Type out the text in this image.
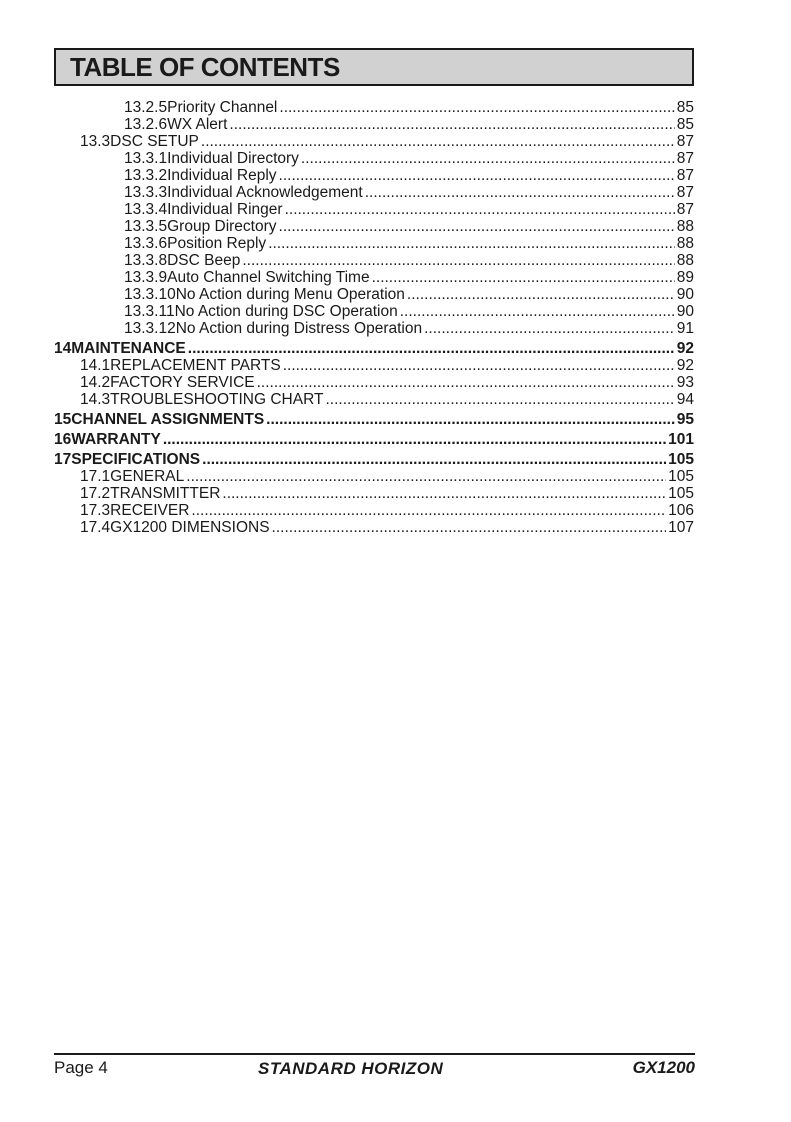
TABLE OF CONTENTS
13.2.5 Priority Channel .....	85
13.2.6 WX Alert .....	85
13.3 DSC SETUP .....	87
13.3.1 Individual Directory .....	87
13.3.2 Individual Reply .....	87
13.3.3 Individual Acknowledgement .....	87
13.3.4 Individual Ringer .....	87
13.3.5 Group Directory .....	88
13.3.6 Position Reply .....	88
13.3.8 DSC Beep .....	88
13.3.9 Auto Channel Switching Time .....	89
13.3.10 No Action during Menu Operation .....	90
13.3.11 No Action during DSC Operation .....	90
13.3.12 No Action during Distress Operation .....	91
14 MAINTENANCE .....	92
14.1 REPLACEMENT PARTS .....	92
14.2 FACTORY SERVICE .....	93
14.3 TROUBLESHOOTING CHART .....	94
15 CHANNEL ASSIGNMENTS .....	95
16 WARRANTY .....	101
17 SPECIFICATIONS .....	105
17.1 GENERAL .....	105
17.2 TRANSMITTER .....	105
17.3 RECEIVER .....	106
17.4 GX1200 DIMENSIONS .....	107
Page 4	STANDARD HORIZON	GX1200
